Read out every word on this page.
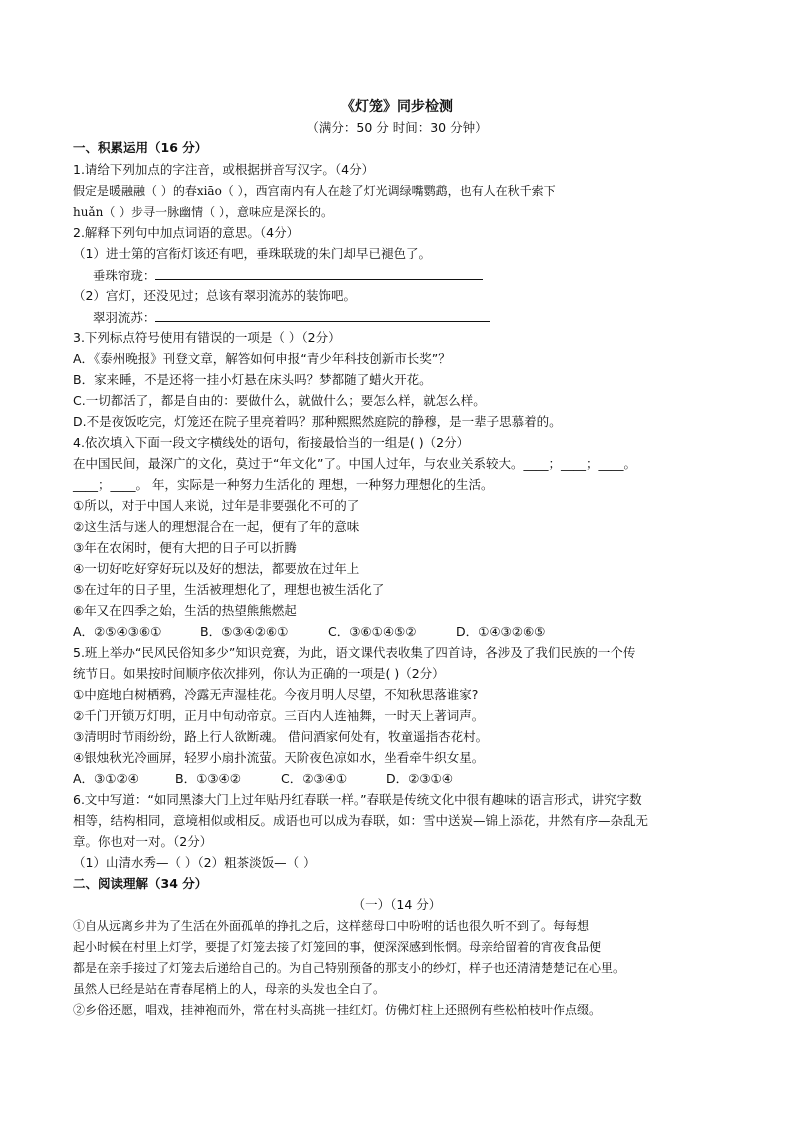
《灯笼》同步检测
（满分：50 分 时间：30 分钟）
一、积累运用（16 分）
1.请给下列加点的字注音，或根据拼音写汉字。（4分）
假定是暖融融（ ）的春xiāo（ ），西宫南内有人在趁了灯光调绿嘴鹦鹉，也有人在秋千索下
huǎn（ ）步寻一脉幽情（ ），意味应是深长的。
2.解释下列句中加点词语的意思。（4分）
（1）进士第的宫衔灯该还有吧，垂珠联珑的朱门却早已褪色了。
垂珠帘珑：
（2）宫灯，还没见过；总该有翠羽流苏的装饰吧。
翠羽流苏：
3.下列标点符号使用有错误的一项是（ ）（2分）
A．《泰州晚报》刊登文章，解答如何申报“青少年科技创新市长奖”？
B．家来睡，不是还将一挂小灯悬在床头吗？梦都随了蜡火开花。
C.一切都活了，都是自由的：要做什么，就做什么；要怎么样，就怎么样。
D.不是夜饭吃完，灯笼还在院子里亮着吗？那种熙熙然庭院的静穆，是一辈子思慕着的。
4.依次填入下面一段文字横线处的语句，衔接最恰当的一组是( )（2分）
在中国民间，最深广的文化，莫过于“年文化”了。中国人过年，与农业关系较大。____；____；____。
____；____。 年，实际是一种努力生活化的 理想，一种努力理想化的生活。
①所以，对于中国人来说，过年是非要强化不可的了
②这生活与迷人的理想混合在一起，便有了年的意味
③年在农闲时，便有大把的日子可以折腾
④一切好吃好穿好玩以及好的想法，都要放在过年上
⑤在过年的日子里，生活被理想化了，理想也被生活化了
⑥年又在四季之始，生活的热望熊熊燃起
A．②⑤④③⑥①	B．⑤③④②⑥①	C．③⑥①④⑤②	D．①④③②⑥⑤
5.班上举办“民风民俗知多少”知识竞赛，为此，语文课代表收集了四首诗，各涉及了我们民族的一个传
统节日。如果按时间顺序依次排列，你认为正确的一项是( )（2分）
①中庭地白树栖鸦，冷露无声湿桂花。今夜月明人尽望，不知秋思落谁家?
②千门开锁万灯明，正月中旬动帝京。三百内人连袖舞，一时天上著词声。
③清明时节雨纷纷，路上行人欲断魂。 借问酒家何处有，牧童遥指杏花村。
④银烛秋光冷画屏，轻罗小扇扑流萤。天阶夜色凉如水，坐看牵牛织女星。
A．③①②④	B．①③④②	C．②③④①	D．②③①④
6.文中写道：“如同黑漆大门上过年贴丹红春联一样。”春联是传统文化中很有趣味的语言形式，讲究字数
相等，结构相同，意境相似或相反。成语也可以成为春联，如：雪中送炭—锦上添花，井然有序—杂乱无
章。你也对一对。（2分）
（1）山清水秀—（ ）（2）粗茶淡饭—（ ）
二、阅读理解（34 分）
（一）（14 分）
①自从远离乡井为了生活在外面孤单的挣扎之后，这样慈母口中吩咐的话也很久听不到了。每每想
起小时候在村里上灯学，要提了灯笼去接了灯笼回的事，便深深感到怅惘。母亲给留着的宵夜食品便
都是在亲手接过了灯笼去后递给自己的。为自己特别预备的那支小的纱灯，样子也还清清楚楚记在心里。
虽然人已经是站在青春尾梢上的人，母亲的头发也全白了。
②乡俗还愿，唱戏，挂神袍而外，常在村头高挑一挂红灯。仿佛灯柱上还照例有些松柏枝叶作点缀。
